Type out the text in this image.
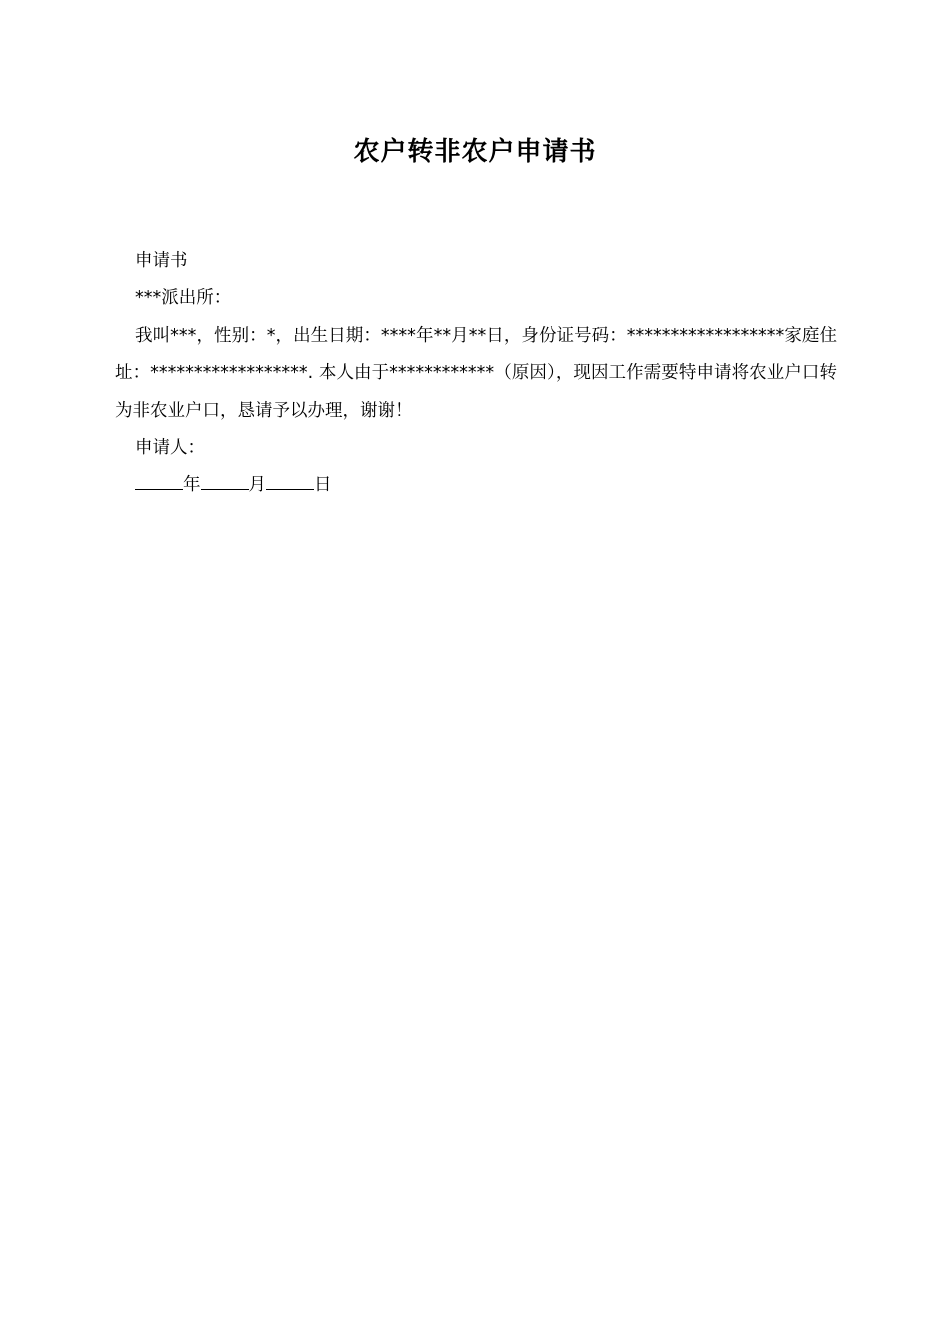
农户转非农户申请书

申请书

***派出所：

我叫***，性别：*，出生日期：****年**月**日，身份证号码：******************家庭住址：******************. 本人由于************（原因），现因工作需要特申请将农业户口转为非农业户口，恳请予以办理，谢谢！

申请人：

年	月	日
